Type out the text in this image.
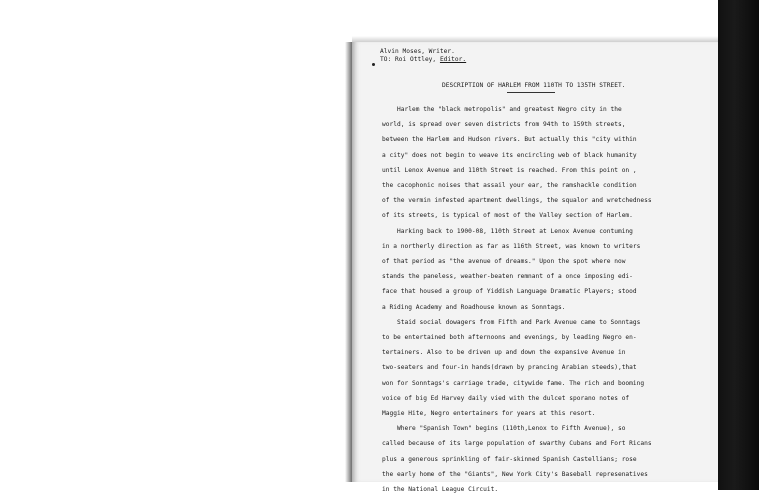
Alvin Moses, Writer.
TO: Roi Ottley, Editor.
DESCRIPTION OF HARLEM FROM 110TH TO 135TH STREET.
Harlem the "black metropolis" and greatest Negro city in the
world, is spread over seven districts from 94th to 159th streets,
between the Harlem and Hudson rivers. But actually this "city within
a city" does not begin to weave its encircling web of black humanity
until Lenox Avenue and 110th Street is reached. From this point on ,
the cacophonic noises that assail your ear, the ramshackle condition
of the vermin infested apartment dwellings, the squalor and wretchedness
of its streets, is typical of most of the Valley section of Harlem.
Harking back to 1900-08, 110th Street at Lenox Avenue contuming
in a northerly direction as far as 116th Street, was known to writers
of that period as "the avenue of dreams." Upon the spot where now
stands the paneless, weather-beaten remnant of a once imposing edi-
face that housed a group of Yiddish Language Dramatic Players; stood
a Riding Academy and Roadhouse known as Sonntags.
Staid social dowagers from Fifth and Park Avenue came to Sonntags
to be entertained both afternoons and evenings, by leading Negro en-
tertainers. Also to be driven up and down the expansive Avenue in
two-seaters and four-in hands(drawn by prancing Arabian steeds),that
won for Sonntags's carriage trade, citywide fame. The rich and booming
voice of big Ed Harvey daily vied with the dulcet sporano notes of
Maggie Hite, Negro entertainers for years at this resort.
Where "Spanish Town" begins (110th,Lenox to Fifth Avenue), so
called because of its large population of swarthy Cubans and Fort Ricans
plus a generous sprinkling of fair-skinned Spanish Castellians; rose
the early home of the "Giants", New York City's Baseball represenatives
in the National League Circuit.
